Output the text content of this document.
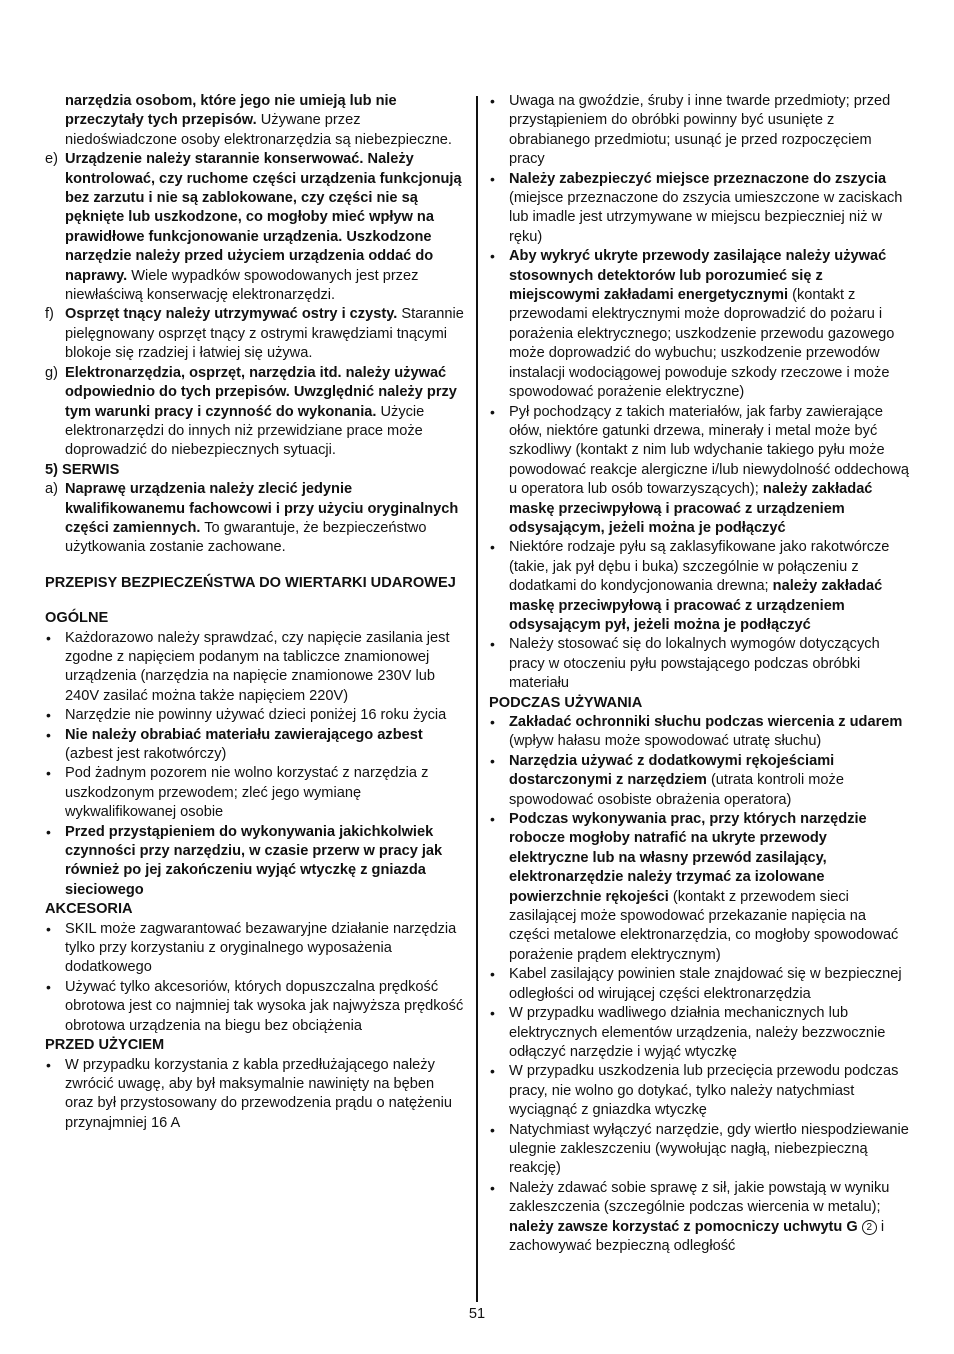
narzędzia osobom, które jego nie umieją lub nie przeczytały tych przepisów. Używane przez niedoświadczone osoby elektronarzędzia są niebezpieczne.

e) Urządzenie należy starannie konserwować. Należy kontrolować, czy ruchome części urządzenia funkcjonują bez zarzutu i nie są zablokowane, czy części nie są pęknięte lub uszkodzone, co mogłoby mieć wpływ na prawidłowe funkcjonowanie urządzenia. Uszkodzone narzędzie należy przed użyciem urządzenia oddać do naprawy. Wiele wypadków spowodowanych jest przez niewłaściwą konserwację elektronarzędzi.

f) Osprzęt tnący należy utrzymywać ostry i czysty. Starannie pielęgnowany osprzęt tnący z ostrymi krawędziami tnącymi blokoje się rzadziej i łatwiej się używa.

g) Elektronarzędzia, osprzęt, narzędzia itd. należy używać odpowiednio do tych przepisów. Uwzględnić należy przy tym warunki pracy i czynność do wykonania. Użycie elektronarzędzi do innych niż przewidziane prace może doprowadzić do niebezpiecznych sytuacji.

5) SERWIS

a) Naprawę urządzenia należy zlecić jedynie kwalifikowanemu fachowcowi i przy użyciu oryginalnych części zamiennych. To gwarantuje, że bezpieczeństwo użytkowania zostanie zachowane.

PRZEPISY BEZPIECZEŃSTWA DO WIERTARKI UDAROWEJ

OGÓLNE

• Każdorazowo należy sprawdzać, czy napięcie zasilania jest zgodne z napięciem podanym na tabliczce znamionowej urządzenia (narzędzia na napięcie znamionowe 230V lub 240V zasilać można także napięciem 220V)

• Narzędzie nie powinny używać dzieci poniżej 16 roku życia

• Nie należy obrabiać materiału zawierającego azbest (azbest jest rakotwórczy)

• Pod żadnym pozorem nie wolno korzystać z narzędzia z uszkodzonym przewodem; zleć jego wymianę wykwalifikowanej osobie

• Przed przystąpieniem do wykonywania jakichkolwiek czynności przy narzędziu, w czasie przerw w pracy jak również po jej zakończeniu wyjąć wtyczkę z gniazda sieciowego

AKCESORIA

• SKIL może zagwarantować bezawaryjne działanie narzędzia tylko przy korzystaniu z oryginalnego wyposażenia dodatkowego

• Używać tylko akcesoriów, których dopuszczalna prędkość obrotowa jest co najmniej tak wysoka jak najwyższa prędkość obrotowa urządzenia na biegu bez obciążenia

PRZED UŻYCIEM

• W przypadku korzystania z kabla przedłużającego należy zwrócić uwagę, aby był maksymalnie nawinięty na bęben oraz był przystosowany do przewodzenia prądu o natężeniu przynajmniej 16 A

• Uwaga na gwoździe, śruby i inne twarde przedmioty; przed przystąpieniem do obróbki powinny być usunięte z obrabianego przedmiotu; usunąć je przed rozpoczęciem pracy

• Należy zabezpieczyć miejsce przeznaczone do zszycia (miejsce przeznaczone do zszycia umieszczone w zaciskach lub imadle jest utrzymywane w miejscu bezpieczniej niż w ręku)

• Aby wykryć ukryte przewody zasilające należy używać stosownych detektorów lub porozumieć się z miejscowymi zakładami energetycznymi (kontakt z przewodami elektrycznymi może doprowadzić do pożaru i porażenia elektrycznego; uszkodzenie przewodu gazowego może doprowadzić do wybuchu; uszkodzenie przewodów instalacji wodociągowej powoduje szkody rzeczowe i może spowodować porażenie elektryczne)

• Pył pochodzący z takich materiałów, jak farby zawierające ołów, niektóre gatunki drzewa, minerały i metal może być szkodliwy (kontakt z nim lub wdychanie takiego pyłu może powodować reakcje alergiczne i/lub niewydolność oddechową u operatora lub osób towarzyszących); należy zakładać maskę przeciwpyłową i pracować z urządzeniem odsysającym, jeżeli można je podłączyć

• Niektóre rodzaje pyłu są zaklasyfikowane jako rakotwórcze (takie, jak pył dębu i buka) szczególnie w połączeniu z dodatkami do kondycjonowania drewna; należy zakładać maskę przeciwpyłową i pracować z urządzeniem odsysającym pył, jeżeli można je podłączyć

• Należy stosować się do lokalnych wymogów dotyczących pracy w otoczeniu pyłu powstającego podczas obróbki materiału

PODCZAS UŻYWANIA

• Zakładać ochronniki słuchu podczas wiercenia z udarem (wpływ hałasu może spowodować utratę słuchu)

• Narzędzia używać z dodatkowymi rękojeściami dostarczonymi z narzędziem (utrata kontroli może spowodować osobiste obrażenia operatora)

• Podczas wykonywania prac, przy których narzędzie robocze mogłoby natrafić na ukryte przewody elektryczne lub na własny przewód zasilający, elektronarzędzie należy trzymać za izolowane powierzchnie rękojeści (kontakt z przewodem sieci zasilającej może spowodować przekazanie napięcia na części metalowe elektronarzędzia, co mogłoby spowodować porażenie prądem elektrycznym)

• Kabel zasilający powinien stale znajdować się w bezpiecznej odległości od wirującej części elektronarzędzia

• W przypadku wadliwego działnia mechanicznych lub elektrycznych elementów urządzenia, należy bezzwocznie odłączyć narzędzie i wyjąć wtyczkę

• W przypadku uszkodzenia lub przecięcia przewodu podczas pracy, nie wolno go dotykać, tylko należy natychmiast wyciągnąć z gniazdka wtyczkę

• Natychmiast wyłączyć narzędzie, gdy wiertło niespodziewanie ulegnie zakleszczeniu (wywołując nagłą, niebezpieczną reakcję)

• Należy zdawać sobie sprawę z sił, jakie powstają w wyniku zakleszczenia (szczególnie podczas wiercenia w metalu); należy zawsze korzystać z pomocniczy uchwytu G 2 i zachowywać bezpieczną odległość

51
